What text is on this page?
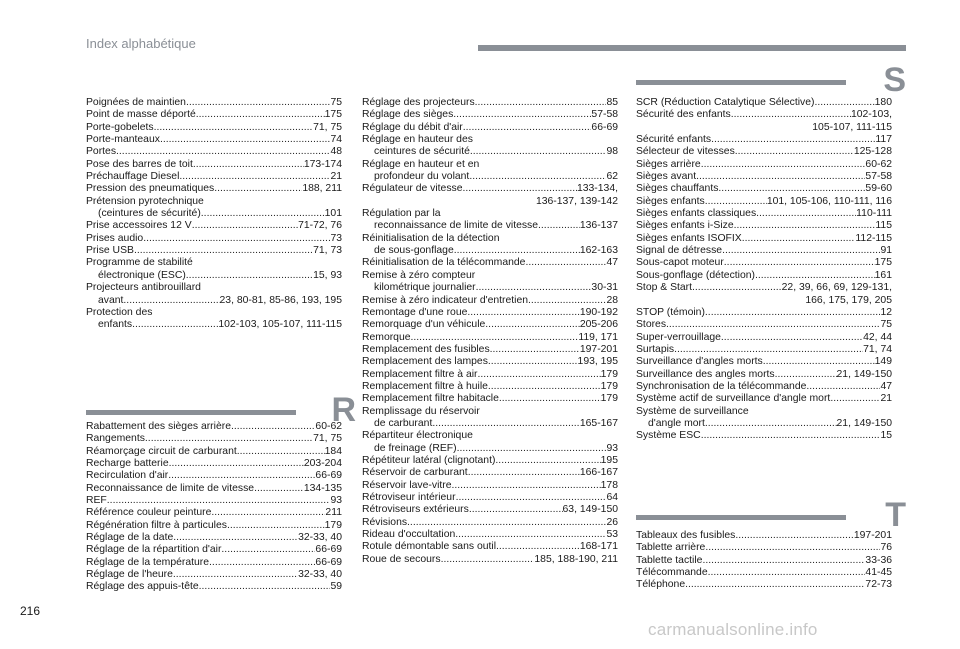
Index alphabétique
Poignées de maintien .....	75
Point de masse déporté .....	175
Porte-gobelets .....	71, 75
Porte-manteaux .....	74
Portes .....	48
Pose des barres de toit .....	173-174
Préchauffage Diesel .....	21
Pression des pneumatiques .....	188, 211
Prétension pyrotechnique
(ceintures de sécurité) .....	101
Prise accessoires 12 V .....	71-72, 76
Prises audio .....	73
Prise USB .....	71, 73
Programme de stabilité
électronique (ESC) .....	15, 93
Projecteurs antibrouillard
avant .....	23, 80-81, 85-86, 193, 195
Protection des
enfants .....	102-103, 105-107, 111-115
R
Rabattement des sièges arrière .....	60-62
Rangements .....	71, 75
Réamorçage circuit de carburant .....	184
Recharge batterie .....	203-204
Recirculation d'air .....	66-69
Reconnaissance de limite de vitesse .....	134-135
REF .....	93
Référence couleur peinture .....	211
Régénération filtre à particules .....	179
Réglage de la date .....	32-33, 40
Réglage de la répartition d'air .....	66-69
Réglage de la température .....	66-69
Réglage de l'heure .....	32-33, 40
Réglage des appuis-tête .....	59
Réglage des projecteurs .....	85
Réglage des sièges .....	57-58
Réglage du débit d'air .....	66-69
Réglage en hauteur des
ceintures de sécurité .....	98
Réglage en hauteur et en
profondeur du volant .....	62
Régulateur de vitesse .....	133-134,
136-137, 139-142
Régulation par la
reconnaissance de limite de vitesse .....	136-137
Réinitialisation de la détection
de sous-gonflage .....	162-163
Réinitialisation de la télécommande .....	47
Remise à zéro compteur
kilométrique journalier .....	30-31
Remise à zéro indicateur d'entretien .....	28
Remontage d'une roue .....	190-192
Remorquage d'un véhicule .....	205-206
Remorque .....	119, 171
Remplacement des fusibles .....	197-201
Remplacement des lampes .....	193, 195
Remplacement filtre à air .....	179
Remplacement filtre à huile .....	179
Remplacement filtre habitacle .....	179
Remplissage du réservoir
de carburant .....	165-167
Répartiteur électronique
de freinage (REF) .....	93
Répétiteur latéral (clignotant) .....	195
Réservoir de carburant .....	166-167
Réservoir lave-vitre .....	178
Rétroviseur intérieur .....	64
Rétroviseurs extérieurs .....	63, 149-150
Révisions .....	26
Rideau d'occultation .....	53
Rotule démontable sans outil .....	168-171
Roue de secours .....	185, 188-190, 211
S
SCR (Réduction Catalytique Sélective) .....	180
Sécurité des enfants .....	102-103,
105-107, 111-115
Sécurité enfants .....	117
Sélecteur de vitesses .....	125-128
Sièges arrière .....	60-62
Sièges avant .....	57-58
Sièges chauffants .....	59-60
Sièges enfants .....	101, 105-106, 110-111, 116
Sièges enfants classiques .....	110-111
Sièges enfants i-Size .....	115
Sièges enfants ISOFIX .....	112-115
Signal de détresse .....	91
Sous-capot moteur .....	175
Sous-gonflage (détection) .....	161
Stop & Start .....	22, 39, 66, 69, 129-131,
166, 175, 179, 205
STOP (témoin) .....	12
Stores .....	75
Super-verrouillage .....	42, 44
Surtapis .....	71, 74
Surveillance d'angles morts .....	149
Surveillance des angles morts .....	21, 149-150
Synchronisation de la télécommande .....	47
Système actif de surveillance d'angle mort .....	21
Système de surveillance
d'angle mort .....	21, 149-150
Système ESC .....	15
T
Tableaux des fusibles .....	197-201
Tablette arrière .....	76
Tablette tactile .....	33-36
Télécommande .....	41-45
Téléphone .....	72-73
216
carmanualsonline.info
